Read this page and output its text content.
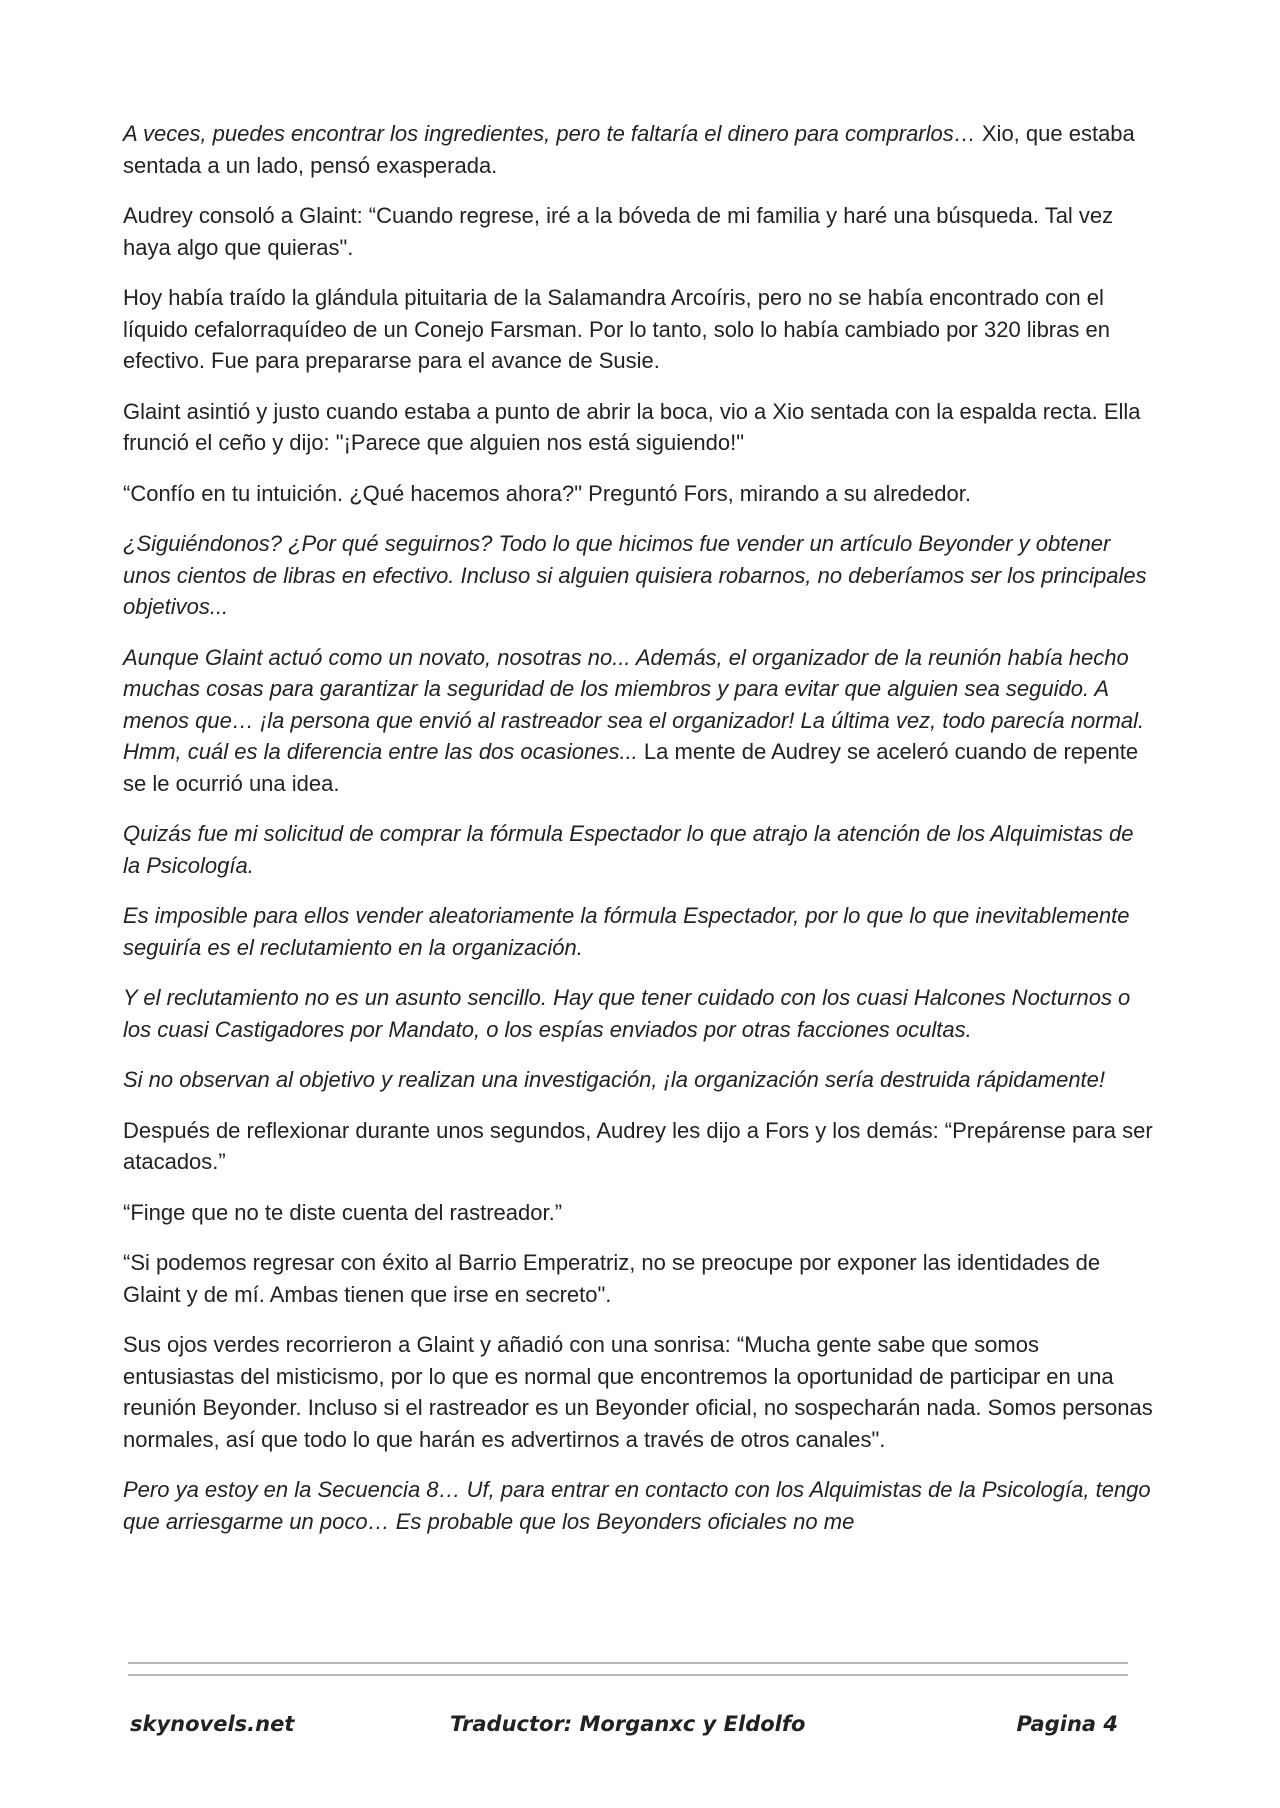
A veces, puedes encontrar los ingredientes, pero te faltaría el dinero para comprarlos… Xio, que estaba sentada a un lado, pensó exasperada.

Audrey consoló a Glaint: “Cuando regrese, iré a la bóveda de mi familia y haré una búsqueda. Tal vez haya algo que quieras".

Hoy había traído la glándula pituitaria de la Salamandra Arcoíris, pero no se había encontrado con el líquido cefalorraquídeo de un Conejo Farsman. Por lo tanto, solo lo había cambiado por 320 libras en efectivo. Fue para prepararse para el avance de Susie.

Glaint asintió y justo cuando estaba a punto de abrir la boca, vio a Xio sentada con la espalda recta. Ella frunció el ceño y dijo: "¡Parece que alguien nos está siguiendo!"

“Confío en tu intuición. ¿Qué hacemos ahora?" Preguntó Fors, mirando a su alrededor.

¿Siguiéndonos? ¿Por qué seguirnos? Todo lo que hicimos fue vender un artículo Beyonder y obtener unos cientos de libras en efectivo. Incluso si alguien quisiera robarnos, no deberíamos ser los principales objetivos...

Aunque Glaint actuó como un novato, nosotras no... Además, el organizador de la reunión había hecho muchas cosas para garantizar la seguridad de los miembros y para evitar que alguien sea seguido. A menos que… ¡la persona que envió al rastreador sea el organizador! La última vez, todo parecía normal. Hmm, cuál es la diferencia entre las dos ocasiones... La mente de Audrey se aceleró cuando de repente se le ocurrió una idea.

Quizás fue mi solicitud de comprar la fórmula Espectador lo que atrajo la atención de los Alquimistas de la Psicología.

Es imposible para ellos vender aleatoriamente la fórmula Espectador, por lo que lo que inevitablemente seguiría es el reclutamiento en la organización.

Y el reclutamiento no es un asunto sencillo. Hay que tener cuidado con los cuasi Halcones Nocturnos o los cuasi Castigadores por Mandato, o los espías enviados por otras facciones ocultas.

Si no observan al objetivo y realizan una investigación, ¡la organización sería destruida rápidamente!

Después de reflexionar durante unos segundos, Audrey les dijo a Fors y los demás: “Prepárense para ser atacados.”

“Finge que no te diste cuenta del rastreador.”

“Si podemos regresar con éxito al Barrio Emperatriz, no se preocupe por exponer las identidades de Glaint y de mí. Ambas tienen que irse en secreto".

Sus ojos verdes recorrieron a Glaint y añadió con una sonrisa: “Mucha gente sabe que somos entusiastas del misticismo, por lo que es normal que encontremos la oportunidad de participar en una reunión Beyonder. Incluso si el rastreador es un Beyonder oficial, no sospecharán nada. Somos personas normales, así que todo lo que harán es advertirnos a través de otros canales".

Pero ya estoy en la Secuencia 8… Uf, para entrar en contacto con los Alquimistas de la Psicología, tengo que arriesgarme un poco… Es probable que los Beyonders oficiales no me

skynovels.net	Traductor: Morganxc y Eldolfo	Pagina 4
